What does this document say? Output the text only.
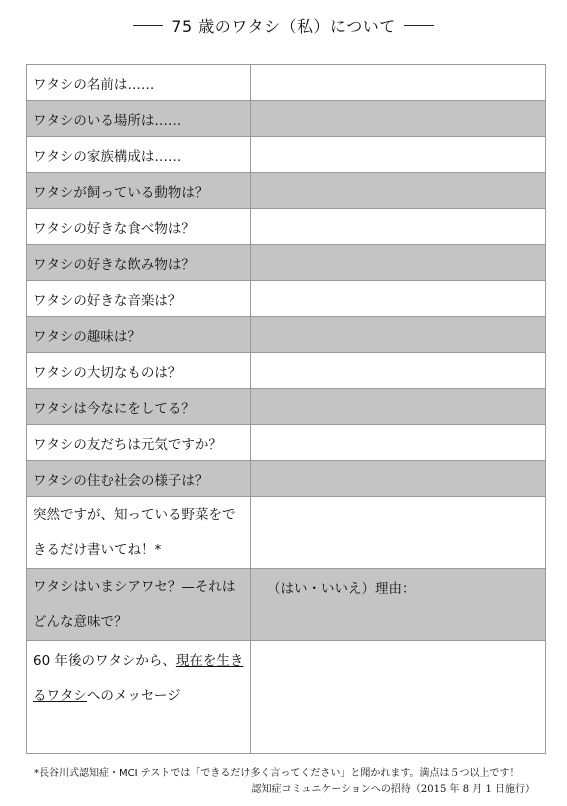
75 歳のワタシ（私）について
ワタシの名前は……	
ワタシのいる場所は……	
ワタシの家族構成は……	
ワタシが飼っている動物は？	
ワタシの好きな食べ物は？	
ワタシの好きな飲み物は？	
ワタシの好きな音楽は？	
ワタシの趣味は？	
ワタシの大切なものは？	
ワタシは今なにをしてる？	
ワタシの友だちは元気ですか？	
ワタシの住む社会の様子は？	
突然ですが、知っている野菜をできるだけ書いてね！*	
ワタシはいまシアワセ？—それはどんな意味で？	（はい・いいえ）理由：
60 年後のワタシから、現在を生きるワタシへのメッセージ	
*長谷川式認知症・MCI テストでは「できるだけ多く言ってください」と聞かれます。満点は５つ以上です！
認知症コミュニケーションへの招待（2015 年 8 月 1 日施行）
